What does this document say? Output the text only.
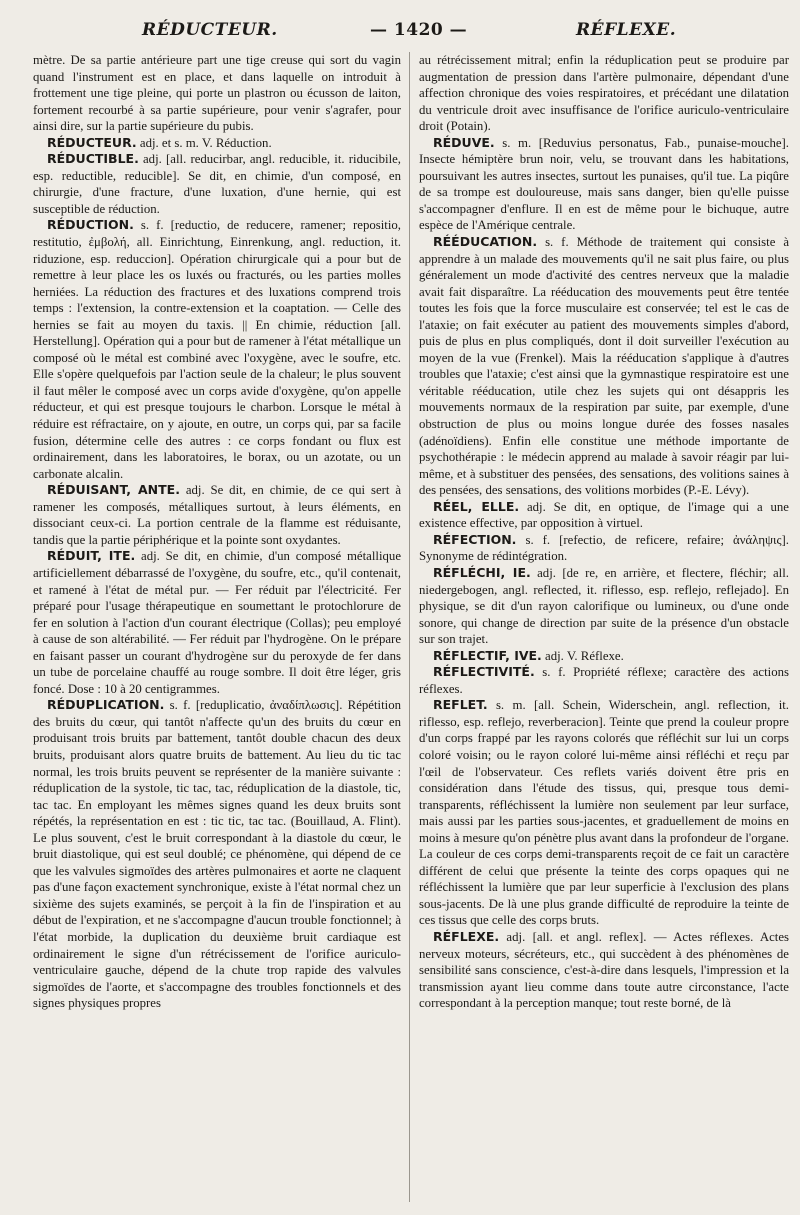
RÉDUCTEUR.	— 1420 —	RÉFLEXE.

mètre. De sa partie antérieure part une tige creuse qui sort du vagin quand l'instrument est en place, et dans laquelle on introduit à frottement une tige pleine, qui porte un plastron ou écusson de laiton, fortement recourbé à sa partie supérieure, pour venir s'agrafer, pour ainsi dire, sur la partie supérieure du pubis.

RÉDUCTEUR. adj. et s. m. V. Réduction.

RÉDUCTIBLE. adj. [all. reducirbar, angl. reducible, it. riducibile, esp. reductible, reducible]. Se dit, en chimie, d'un composé, en chirurgie, d'une fracture, d'une luxation, d'une hernie, qui est susceptible de réduction.

RÉDUCTION. s. f. [reductio, de reducere, ramener; repositio, restitutio, ἐμβολή, all. Einrichtung, Einrenkung, angl. reduction, it. riduzione, esp. reduccion]. Opération chirurgicale qui a pour but de remettre à leur place les os luxés ou fracturés, ou les parties molles herniées. La réduction des fractures et des luxations comprend trois temps : l'extension, la contre-extension et la coaptation. — Celle des hernies se fait au moyen du taxis. || En chimie, réduction [all. Herstellung]. Opération qui a pour but de ramener à l'état métallique un composé où le métal est combiné avec l'oxygène, avec le soufre, etc. Elle s'opère quelquefois par l'action seule de la chaleur; le plus souvent il faut mêler le composé avec un corps avide d'oxygène, qu'on appelle réducteur, et qui est presque toujours le charbon. Lorsque le métal à réduire est réfractaire, on y ajoute, en outre, un corps qui, par sa facile fusion, détermine celle des autres : ce corps fondant ou flux est ordinairement, dans les laboratoires, le borax, ou un azotate, ou un carbonate alcalin.

RÉDUISANT, ANTE. adj. Se dit, en chimie, de ce qui sert à ramener les composés, métalliques surtout, à leurs éléments, en dissociant ceux-ci. La portion centrale de la flamme est réduisante, tandis que la partie périphérique et la pointe sont oxydantes.

RÉDUIT, ITE. adj. Se dit, en chimie, d'un composé métallique artificiellement débarrassé de l'oxygène, du soufre, etc., qu'il contenait, et ramené à l'état de métal pur. — Fer réduit par l'électricité. Fer préparé pour l'usage thérapeutique en soumettant le protochlorure de fer en solution à l'action d'un courant électrique (Collas); peu employé à cause de son altérabilité. — Fer réduit par l'hydrogène. On le prépare en faisant passer un courant d'hydrogène sur du peroxyde de fer dans un tube de porcelaine chauffé au rouge sombre. Il doit être léger, gris foncé. Dose : 10 à 20 centigrammes.

RÉDUPLICATION. s. f. [reduplicatio, ἀναδίπλωσις]. Répétition des bruits du cœur, qui tantôt n'affecte qu'un des bruits du cœur en produisant trois bruits par battement, tantôt double chacun des deux bruits, produisant alors quatre bruits de battement. Au lieu du tic tac normal, les trois bruits peuvent se représenter de la manière suivante : réduplication de la systole, tic tac, tac, réduplication de la diastole, tic, tac tac. En employant les mêmes signes quand les deux bruits sont répétés, la représentation en est : tic tic, tac tac. (Bouillaud, A. Flint). Le plus souvent, c'est le bruit correspondant à la diastole du cœur, le bruit diastolique, qui est seul doublé; ce phénomène, qui dépend de ce que les valvules sigmoïdes des artères pulmonaires et aorte ne claquent pas d'une façon exactement synchronique, existe à l'état normal chez un sixième des sujets examinés, se perçoit à la fin de l'inspiration et au début de l'expiration, et ne s'accompagne d'aucun trouble fonctionnel; à l'état morbide, la duplication du deuxième bruit cardiaque est ordinairement le signe d'un rétrécissement de l'orifice auriculo-ventriculaire gauche, dépend de la chute trop rapide des valvules sigmoïdes de l'aorte, et s'accompagne des troubles fonctionnels et des signes physiques propres

au rétrécissement mitral; enfin la réduplication peut se produire par augmentation de pression dans l'artère pulmonaire, dépendant d'une affection chronique des voies respiratoires, et précédant une dilatation du ventricule droit avec insuffisance de l'orifice auriculo-ventriculaire droit (Potain).

RÉDUVE. s. m. [Reduvius personatus, Fab., punaise-mouche]. Insecte hémiptère brun noir, velu, se trouvant dans les habitations, poursuivant les autres insectes, surtout les punaises, qu'il tue. La piqûre de sa trompe est douloureuse, mais sans danger, bien qu'elle puisse s'accompagner d'enflure. Il en est de même pour le bichuque, autre espèce de l'Amérique centrale.

RÉÉDUCATION. s. f. Méthode de traitement qui consiste à apprendre à un malade des mouvements qu'il ne sait plus faire, ou plus généralement un mode d'activité des centres nerveux que la maladie avait fait disparaître. La rééducation des mouvements peut être tentée toutes les fois que la force musculaire est conservée; tel est le cas de l'ataxie; on fait exécuter au patient des mouvements simples d'abord, puis de plus en plus compliqués, dont il doit surveiller l'exécution au moyen de la vue (Frenkel). Mais la rééducation s'applique à d'autres troubles que l'ataxie; c'est ainsi que la gymnastique respiratoire est une véritable rééducation, utile chez les sujets qui ont désappris les mouvements normaux de la respiration par suite, par exemple, d'une obstruction de plus ou moins longue durée des fosses nasales (adénoïdiens). Enfin elle constitue une méthode importante de psychothérapie : le médecin apprend au malade à savoir réagir par lui-même, et à substituer des pensées, des sensations, des volitions saines à des pensées, des sensations, des volitions morbides (P.-E. Lévy).

RÉEL, ELLE. adj. Se dit, en optique, de l'image qui a une existence effective, par opposition à virtuel.

RÉFECTION. s. f. [refectio, de reficere, refaire; ἀνάληψις]. Synonyme de rédintégration.

RÉFLÉCHI, IE. adj. [de re, en arrière, et flectere, fléchir; all. niedergebogen, angl. reflected, it. riflesso, esp. reflejo, reflejado]. En physique, se dit d'un rayon calorifique ou lumineux, ou d'une onde sonore, qui change de direction par suite de la présence d'un obstacle sur son trajet.

RÉFLECTIF, IVE. adj. V. Réflexe.

RÉFLECTIVITÉ. s. f. Propriété réflexe; caractère des actions réflexes.

REFLET. s. m. [all. Schein, Widerschein, angl. reflection, it. riflesso, esp. reflejo, reverberacion]. Teinte que prend la couleur propre d'un corps frappé par les rayons colorés que réfléchit sur lui un corps coloré voisin; ou le rayon coloré lui-même ainsi réfléchi et reçu par l'œil de l'observateur. Ces reflets variés doivent être pris en considération dans l'étude des tissus, qui, presque tous demi-transparents, réfléchissent la lumière non seulement par leur surface, mais aussi par les parties sous-jacentes, et graduellement de moins en moins à mesure qu'on pénètre plus avant dans la profondeur de l'organe. La couleur de ces corps demi-transparents reçoit de ce fait un caractère différent de celui que présente la teinte des corps opaques qui ne réfléchissent la lumière que par leur superficie à l'exclusion des plans sous-jacents. De là une plus grande difficulté de reproduire la teinte de ces tissus que celle des corps bruts.

RÉFLEXE. adj. [all. et angl. reflex]. — Actes réflexes. Actes nerveux moteurs, sécréteurs, etc., qui succèdent à des phénomènes de sensibilité sans conscience, c'est-à-dire dans lesquels, l'impression et la transmission ayant lieu comme dans toute autre circonstance, l'acte correspondant à la perception manque; tout reste borné, de là
